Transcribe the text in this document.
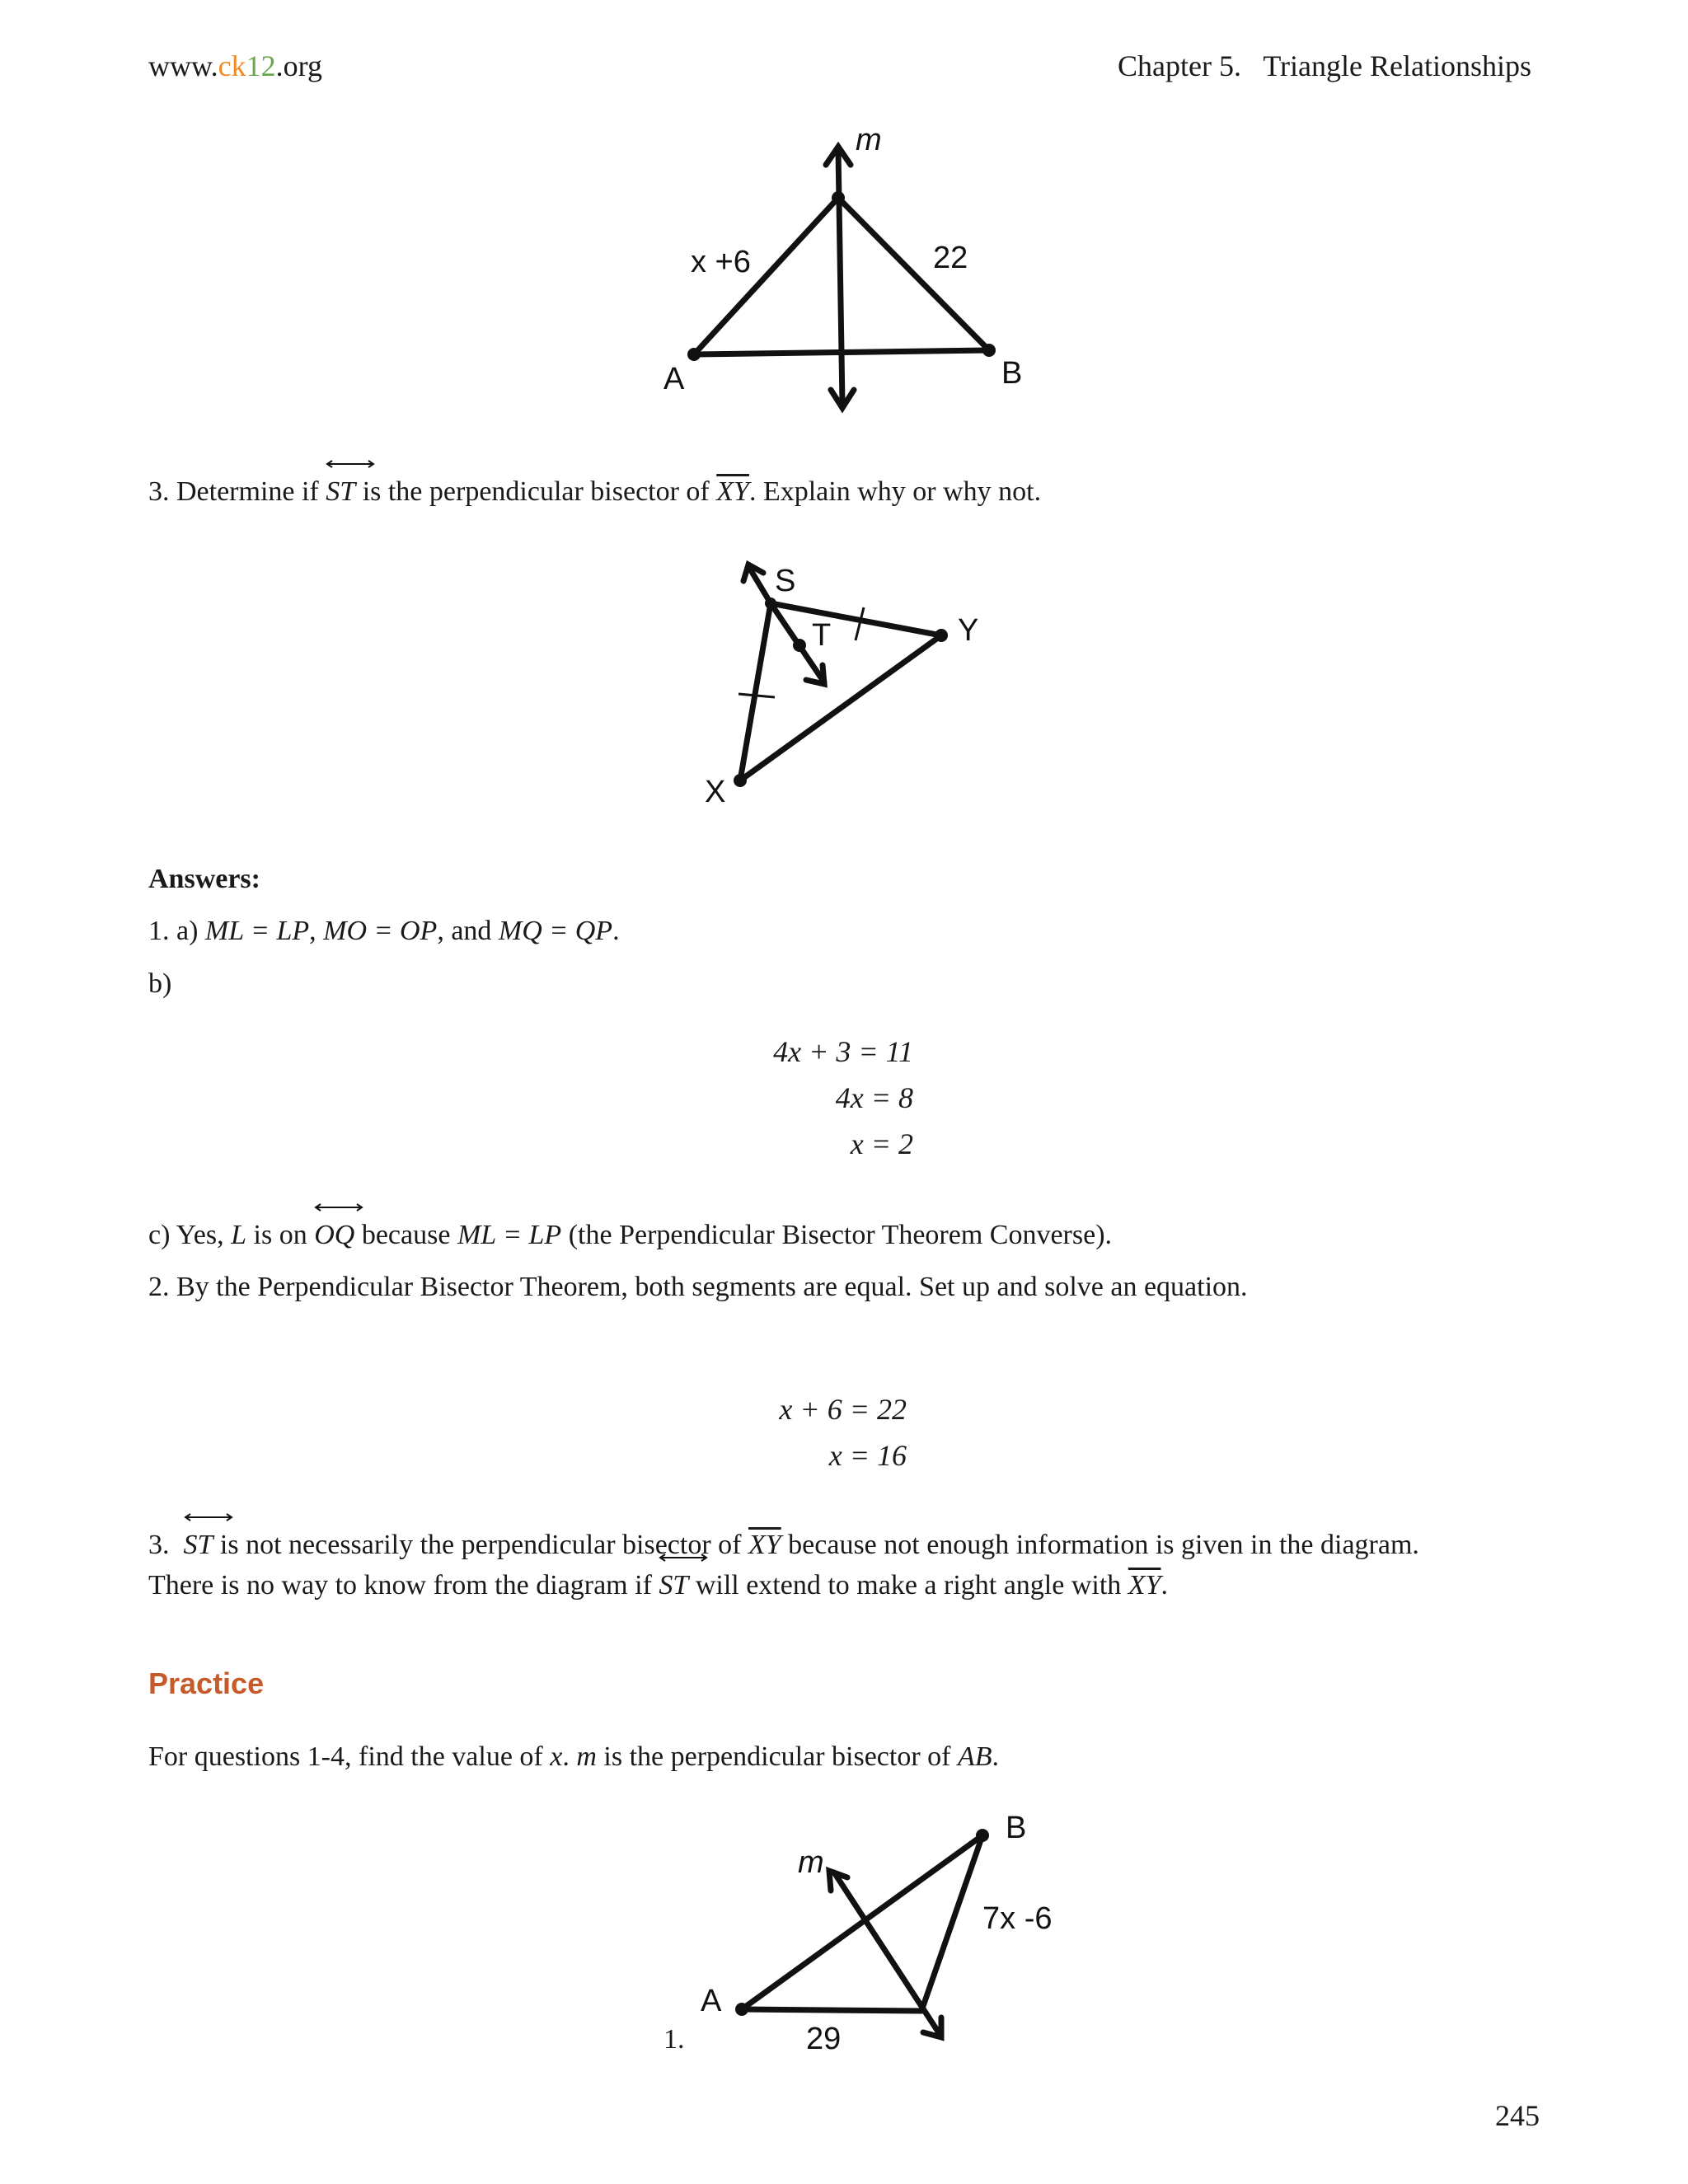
www.ck12.org	Chapter 5. Triangle Relationships
m
x +6	22
A	B
3. Determine if ST is the perpendicular bisector of $\overline{XY}$. Explain why or why not.
S
T	Y
X
Answers:
1. a) ML = LP, MO = OP, and MQ = QP.
b)
4x + 3 = 11
4x = 8
x = 2
c) Yes, L is on OQ because ML = LP (the Perpendicular Bisector Theorem Converse).
2. By the Perpendicular Bisector Theorem, both segments are equal. Set up and solve an equation.
x + 6 = 22
x = 16
3. ST is not necessarily the perpendicular bisector of $\overline{XY}$ because not enough information is given in the diagram.
There is no way to know from the diagram if ST will extend to make a right angle with $\overline{XY}$.
Practice
For questions 1-4, find the value of x. m is the perpendicular bisector of AB.
1.
m
B
7x -6
A
29
245
